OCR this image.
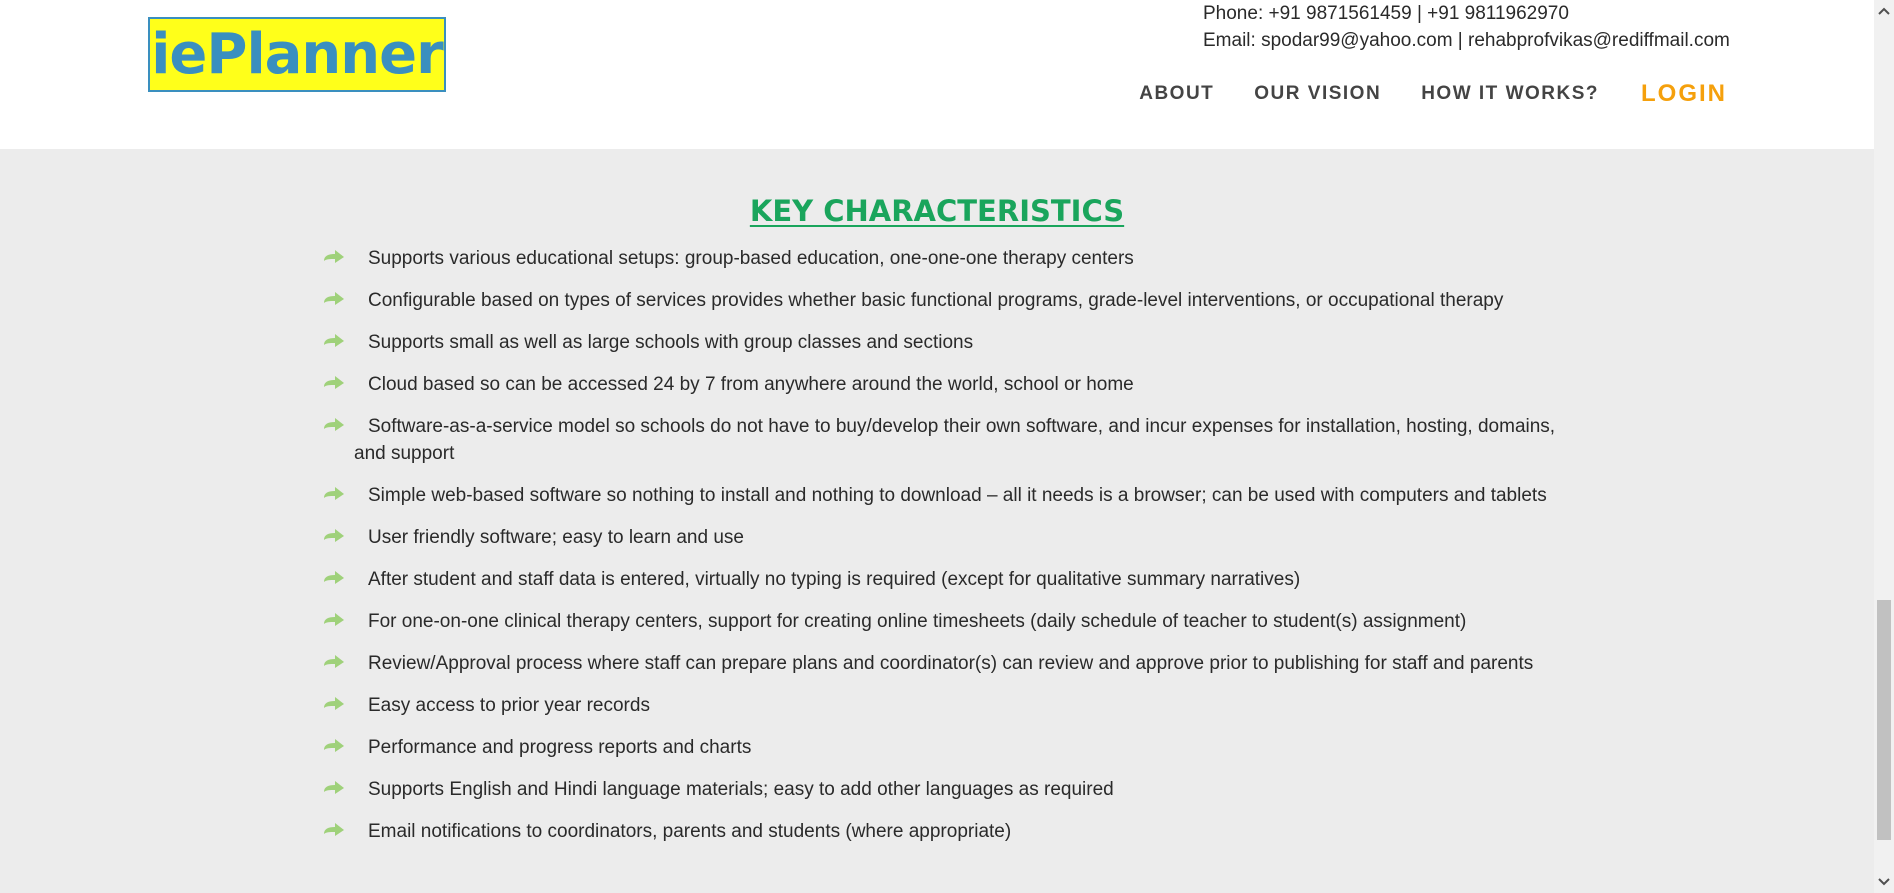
iePlanner
Phone: +91 9871561459 | +91 9811962970
Email: spodar99@yahoo.com | rehabprofvikas@rediffmail.com
ABOUT OUR VISION HOW IT WORKS? LOGIN
KEY CHARACTERISTICS
Supports various educational setups: group-based education, one-one-one therapy centers
Configurable based on types of services provides whether basic functional programs, grade-level interventions, or occupational therapy
Supports small as well as large schools with group classes and sections
Cloud based so can be accessed 24 by 7 from anywhere around the world, school or home
Software-as-a-service model so schools do not have to buy/develop their own software, and incur expenses for installation, hosting, domains, and support
Simple web-based software so nothing to install and nothing to download – all it needs is a browser; can be used with computers and tablets
User friendly software; easy to learn and use
After student and staff data is entered, virtually no typing is required (except for qualitative summary narratives)
For one-on-one clinical therapy centers, support for creating online timesheets (daily schedule of teacher to student(s) assignment)
Review/Approval process where staff can prepare plans and coordinator(s) can review and approve prior to publishing for staff and parents
Easy access to prior year records
Performance and progress reports and charts
Supports English and Hindi language materials; easy to add other languages as required
Email notifications to coordinators, parents and students (where appropriate)
